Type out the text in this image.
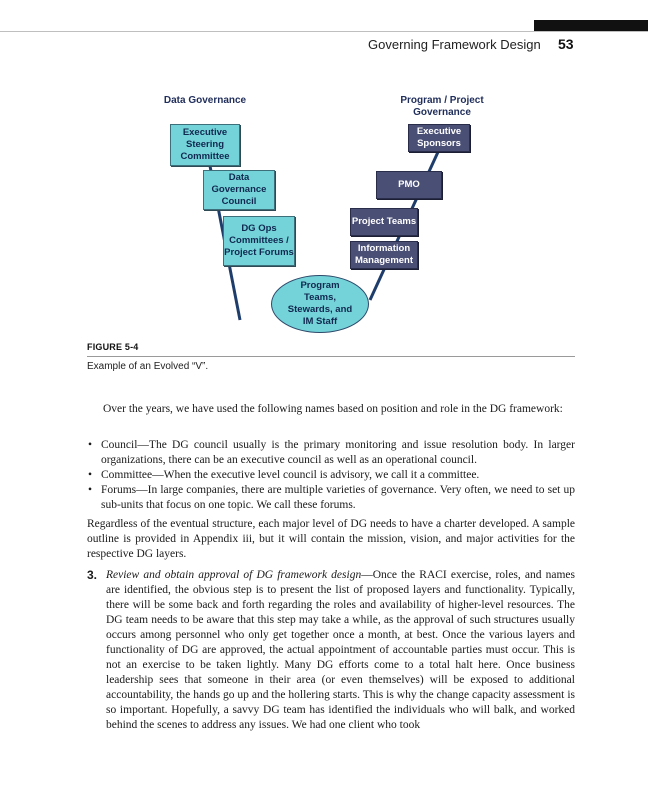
Governing Framework Design 53
Data Governance	Program / Project Governance
Executive Steering Committee
Data Governance Council
DG Ops Committees / Project Forums
Executive Sponsors
PMO
Project Teams
Information Management
Program Teams, Stewards, and IM Staff
FIGURE 5-4
Example of an Evolved “V”.
Over the years, we have used the following names based on position and role in the DG framework:
• Council—The DG council usually is the primary monitoring and issue resolution body. In larger organizations, there can be an executive council as well as an operational council.
• Committee—When the executive level council is advisory, we call it a committee.
• Forums—In large companies, there are multiple varieties of governance. Very often, we need to set up sub-units that focus on one topic. We call these forums.
Regardless of the eventual structure, each major level of DG needs to have a charter developed. A sample outline is provided in Appendix iii, but it will contain the mission, vision, and major activities for the respective DG layers.
3. Review and obtain approval of DG framework design—Once the RACI exercise, roles, and names are identified, the obvious step is to present the list of proposed layers and functionality. Typically, there will be some back and forth regarding the roles and availability of higher-level resources. The DG team needs to be aware that this step may take a while, as the approval of such structures usually occurs among personnel who only get together once a month, at best. Once the various layers and functionality of DG are approved, the actual appointment of accountable parties must occur. This is not an exercise to be taken lightly. Many DG efforts come to a total halt here. Once business leadership sees that someone in their area (or even themselves) will be exposed to additional accountability, the hands go up and the hollering starts. This is why the change capacity assessment is so important. Hopefully, a savvy DG team has identified the individuals who will balk, and worked behind the scenes to address any issues. We had one client who took
